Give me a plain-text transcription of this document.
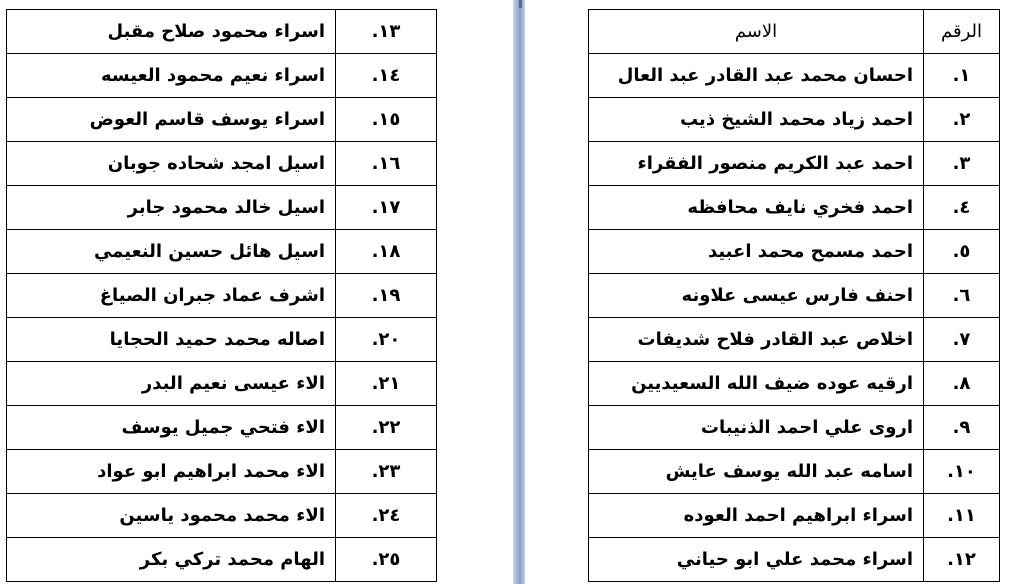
اسراء محمود صلاح مقبل	.١٣
اسراء نعيم محمود العيسه	.١٤
اسراء يوسف قاسم العوض	.١٥
اسيل امجد شحاده جوبان	.١٦
اسيل خالد محمود جابر	.١٧
اسيل هائل حسين النعيمي	.١٨
اشرف عماد جبران الصياغ	.١٩
اصاله محمد حميد الحجايا	.٢٠
الاء عيسى نعيم البدر	.٢١
الاء فتحي جميل يوسف	.٢٢
الاء محمد ابراهيم ابو عواد	.٢٣
الاء محمد محمود ياسين	.٢٤
الهام محمد تركي بكر	.٢٥
الاسم	الرقم
احسان محمد عبد القادر عبد العال	.١
احمد زياد محمد الشيخ ذيب	.٢
احمد عبد الكريم منصور الفقراء	.٣
احمد فخري نايف محافظه	.٤
احمد مسمح محمد اعبيد	.٥
احنف فارس عيسى علاونه	.٦
اخلاص عبد القادر فلاح شديفات	.٧
ارقيه عوده ضيف الله السعيديين	.٨
اروى علي احمد الذنيبات	.٩
اسامه عبد الله يوسف عايش	.١٠
اسراء ابراهيم احمد العوده	.١١
اسراء محمد علي ابو حياني	.١٢
